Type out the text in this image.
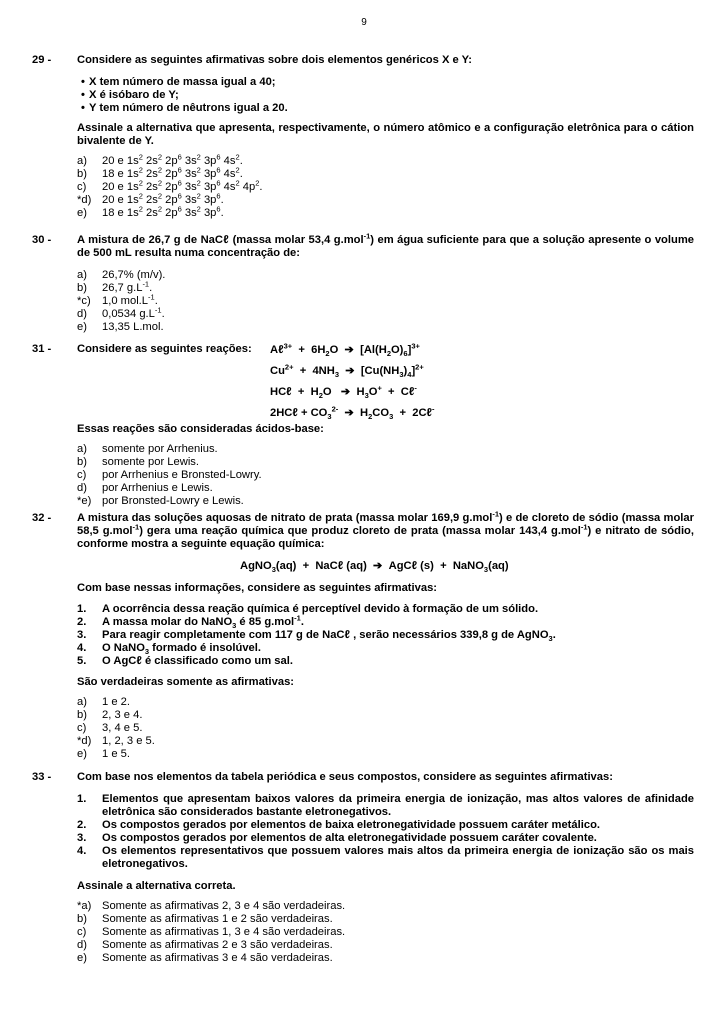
9
29 -	Considere as seguintes afirmativas sobre dois elementos genéricos X e Y:
• X tem número de massa igual a 40;
• X é isóbaro de Y;
• Y tem número de nêutrons igual a 20.
Assinale a alternativa que apresenta, respectivamente, o número atômico e a configuração eletrônica para o cátion bivalente de Y.
a)	20 e $1s^2$ $2s^2$ $2p^6$ $3s^2$ $3p^6$ $4s^2$.
b)	18 e $1s^2$ $2s^2$ $2p^6$ $3s^2$ $3p^6$ $4s^2$.
c)	20 e $1s^2$ $2s^2$ $2p^6$ $3s^2$ $3p^6$ $4s^2$ $4p^2$.
*d) 20 e $1s^2$ $2s^2$ $2p^6$ $3s^2$ $3p^6$.
e)	18 e $1s^2$ $2s^2$ $2p^6$ $3s^2$ $3p^6$.
30 -	A mistura de 26,7 g de NaCℓ (massa molar 53,4 g.mol$^{-1}$) em água suficiente para que a solução apresente o volume de 500 mL resulta numa concentração de:
a)	26,7% (m/v).
b)	26,7 $g.L^{-1}$.
*c)	1,0 $mol.L^{-1}$.
d)	0,0534 $g.L^{-1}$.
e)	13,35 L.mol.
31 -	Considere as seguintes reações:	Aℓ$^{3+}$  +  $6H_2O$  ➔  $[Al(H_2O)_6]^{3+}$
$Cu^{2+} + 4NH_3$  ➔  $[Cu(NH_3)_4]^{2+}$
HCℓ  +  $H_2O$   ➔  $H_3O^+$  +  Cℓ-
2HCℓ + $CO_3^{2-}$  ➔  $H_2CO_3$  +  2Cℓ-
Essas reações são consideradas ácidos-base:
a)	somente por Arrhenius.
b)	somente por Lewis.
c)	por Arrhenius e Bronsted-Lowry.
d)	por Arrhenius e Lewis.
*e) por Bronsted-Lowry e Lewis.
32 -	A mistura das soluções aquosas de nitrato de prata (massa molar 169,9 g.mol$^{-1}$) e de cloreto de sódio (massa molar 58,5 g.mol$^{-1}$) gera uma reação química que produz cloreto de prata (massa molar 143,4 g.mol$^{-1}$) e nitrato de sódio, conforme mostra a seguinte equação química:
AgNO$_3$(aq)  +  NaCℓ (aq)  ➔  AgCℓ (s)  +  NaNO$_3$(aq)
Com base nessas informações, considere as seguintes afirmativas:
1.	A ocorrência dessa reação química é perceptível devido à formação de um sólido.
2.	A massa molar do NaNO$_3$ é 85 g.mol$^{-1}$.
3.	Para reagir completamente com 117 g de NaCℓ , serão necessários 339,8 g de AgNO$_3$.
4.	O NaNO$_3$ formado é insolúvel.
5.	O AgCℓ é classificado como um sal.
São verdadeiras somente as afirmativas:
a)	1 e 2.
b)	2, 3 e 4.
c)	3, 4 e 5.
*d) 1, 2, 3 e 5.
e)	1 e 5.
33 -	Com base nos elementos da tabela periódica e seus compostos, considere as seguintes afirmativas:
1.	Elementos que apresentam baixos valores da primeira energia de ionização, mas altos valores de afinidade eletrônica são considerados bastante eletronegativos.
2.	Os compostos gerados por elementos de baixa eletronegatividade possuem caráter metálico.
3.	Os compostos gerados por elementos de alta eletronegatividade possuem caráter covalente.
4.	Os elementos representativos que possuem valores mais altos da primeira energia de ionização são os mais eletronegativos.
Assinale a alternativa correta.
*a) Somente as afirmativas 2, 3 e 4 são verdadeiras.
b)	Somente as afirmativas 1 e 2 são verdadeiras.
c)	Somente as afirmativas 1, 3 e 4 são verdadeiras.
d)	Somente as afirmativas 2 e 3 são verdadeiras.
e)	Somente as afirmativas 3 e 4 são verdadeiras.
